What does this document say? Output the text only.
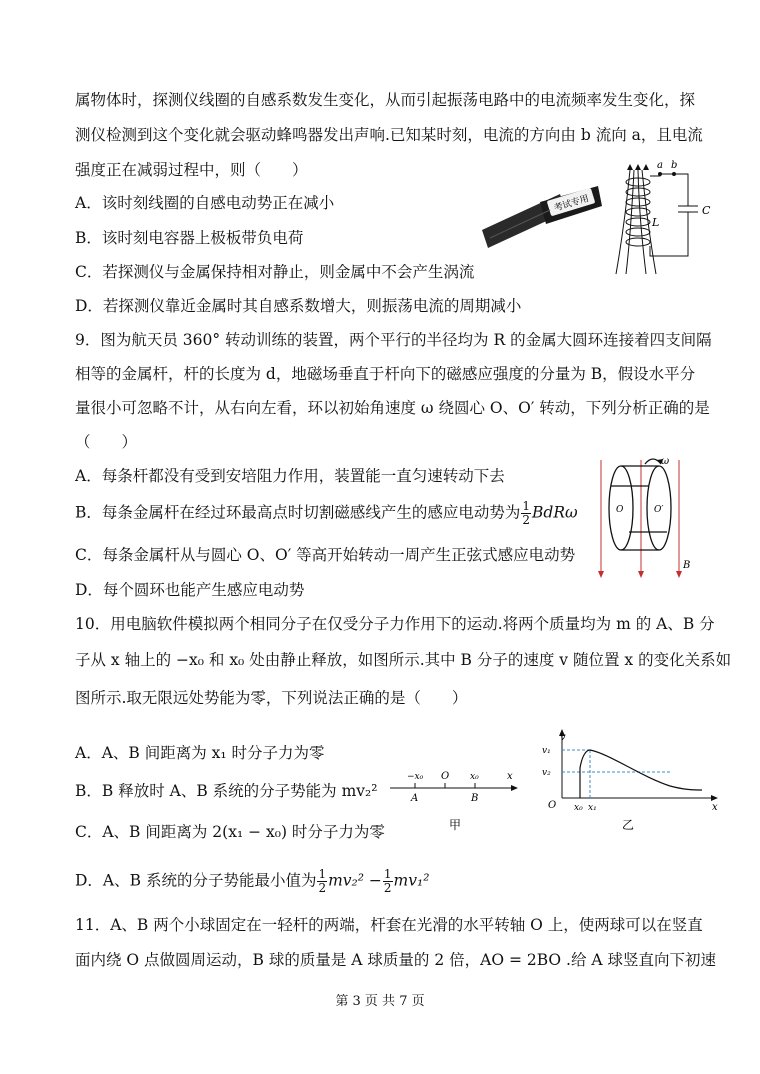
属物体时，探测仪线圈的自感系数发生变化，从而引起振荡电路中的电流频率发生变化，探
测仪检测到这个变化就会驱动蜂鸣器发出声响.已知某时刻，电流的方向由 b 流向 a，且电流
强度正在减弱过程中，则（　　）
A．该时刻线圈的自感电动势正在减小
B．该时刻电容器上极板带负电荷
C．若探测仪与金属保持相对静止，则金属中不会产生涡流
D．若探测仪靠近金属时其自感系数增大，则振荡电流的周期减小
考试专用
a b
L
C
9．图为航天员 360° 转动训练的装置，两个平行的半径均为 R 的金属大圆环连接着四支间隔
相等的金属杆，杆的长度为 d，地磁场垂直于杆向下的磁感应强度的分量为 B，假设水平分
量很小可忽略不计，从右向左看，环以初始角速度 ω 绕圆心 O、O′ 转动，下列分析正确的是
（　　）
A．每条杆都没有受到安培阻力作用，装置能一直匀速转动下去
B．每条金属杆在经过环最高点时切割磁感线产生的感应电动势为 $\frac{1}{2}$ BdRω
C．每条金属杆从与圆心 O、O′ 等高开始转动一周产生正弦式感应电动势
D．每个圆环也能产生感应电动势
ω
O	O′
B
10．用电脑软件模拟两个相同分子在仅受分子力作用下的运动.将两个质量均为 m 的 A、B 分
子从 x 轴上的 −x₀ 和 x₀ 处由静止释放，如图所示.其中 B 分子的速度 v 随位置 x 的变化关系如
图所示.取无限远处势能为零，下列说法正确的是（　　）
A．A、B 间距离为 x₁ 时分子力为零
B．B 释放时 A、B 系统的分子势能为 mv₂²
C．A、B 间距离为 2(x₁ − x₀) 时分子力为零
D．A、B 系统的分子势能最小值为 $\frac{1}{2} mv_2^2 - \frac{1}{2} mv_1^2$
−x₀ O x₀	x
A	B
甲
v
v₁
v₂
O x₀ x₁	x
乙
11．A、B 两个小球固定在一轻杆的两端，杆套在光滑的水平转轴 O 上，使两球可以在竖直
面内绕 O 点做圆周运动，B 球的质量是 A 球质量的 2 倍，AO = 2BO .给 A 球竖直向下初速
第 3 页 共 7 页
